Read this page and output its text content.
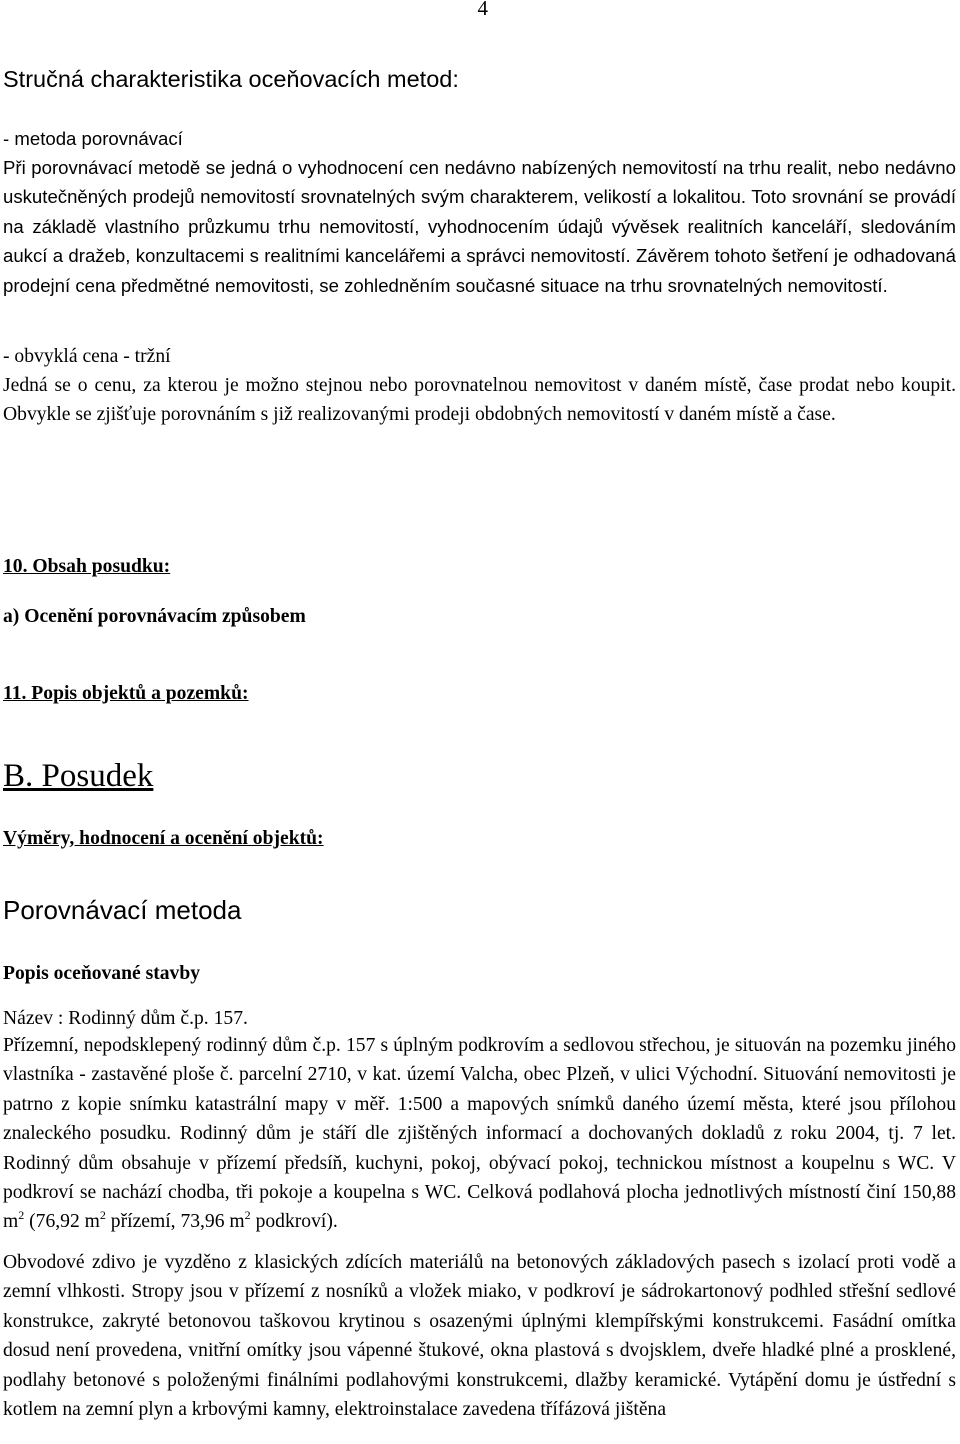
4
Stručná charakteristika oceňovacích metod:
- metoda porovnávací

Při porovnávací metodě se jedná o vyhodnocení cen nedávno nabízených nemovitostí na trhu realit, nebo nedávno uskutečněných prodejů nemovitostí srovnatelných svým charakterem, velikostí a lokalitou. Toto srovnání se provádí na základě vlastního průzkumu trhu nemovitostí, vyhodnocením údajů vývěsek realitních kanceláří, sledováním aukcí a dražeb, konzultacemi s realitními kancelářemi a správci nemovitostí. Závěrem tohoto šetření je odhadovaná prodejní cena předmětné nemovitosti, se zohledněním současné situace na trhu srovnatelných nemovitostí.

- obvyklá cena - tržní

Jedná se o cenu, za kterou je možno stejnou nebo porovnatelnou nemovitost v daném místě, čase prodat nebo koupit. Obvykle se zjišťuje porovnáním s již realizovanými prodeji obdobných nemovitostí v daném místě a čase.

10. Obsah posudku:
a) Ocenění porovnávacím způsobem
11. Popis objektů a pozemků:
B. Posudek
Výměry, hodnocení a ocenění objektů:
Porovnávací metoda
Popis oceňované stavby
Název : Rodinný dům č.p. 157.

Přízemní, nepodsklepený rodinný dům č.p. 157 s úplným podkrovím a sedlovou střechou, je situován na pozemku jiného vlastníka - zastavěné ploše č. parcelní 2710, v kat. území Valcha, obec Plzeň, v ulici Východní. Situování nemovitosti je patrno z kopie snímku katastrální mapy v měř. 1:500 a mapových snímků daného území města, které jsou přílohou znaleckého posudku. Rodinný dům je stáří dle zjištěných informací a dochovaných dokladů z roku 2004, tj. 7 let. Rodinný dům obsahuje v přízemí předsíň, kuchyni, pokoj, obývací pokoj, technickou místnost a koupelnu s WC. V podkroví se nachází chodba, tři pokoje a koupelna s WC. Celková podlahová plocha jednotlivých místností činí 150,88 $m^2$ (76,92 $m^2$ přízemí, 73,96 $m^2$ podkroví).

Obvodové zdivo je vyzděno z klasických zdících materiálů na betonových základových pasech s izolací proti vodě a zemní vlhkosti. Stropy jsou v přízemí z nosníků a vložek miako, v podkroví je sádrokartonový podhled střešní sedlové konstrukce, zakryté betonovou taškovou krytinou s osazenými úplnými klempířskými konstrukcemi. Fasádní omítka dosud není provedena, vnitřní omítky jsou vápenné štukové, okna plastová s dvojsklem, dveře hladké plné a prosklené, podlahy betonové s položenými finálními podlahovými konstrukcemi, dlažby keramické. Vytápění domu je ústřední s kotlem na zemní plyn a krbovými kamny, elektroinstalace zavedena třífázová jištěna
